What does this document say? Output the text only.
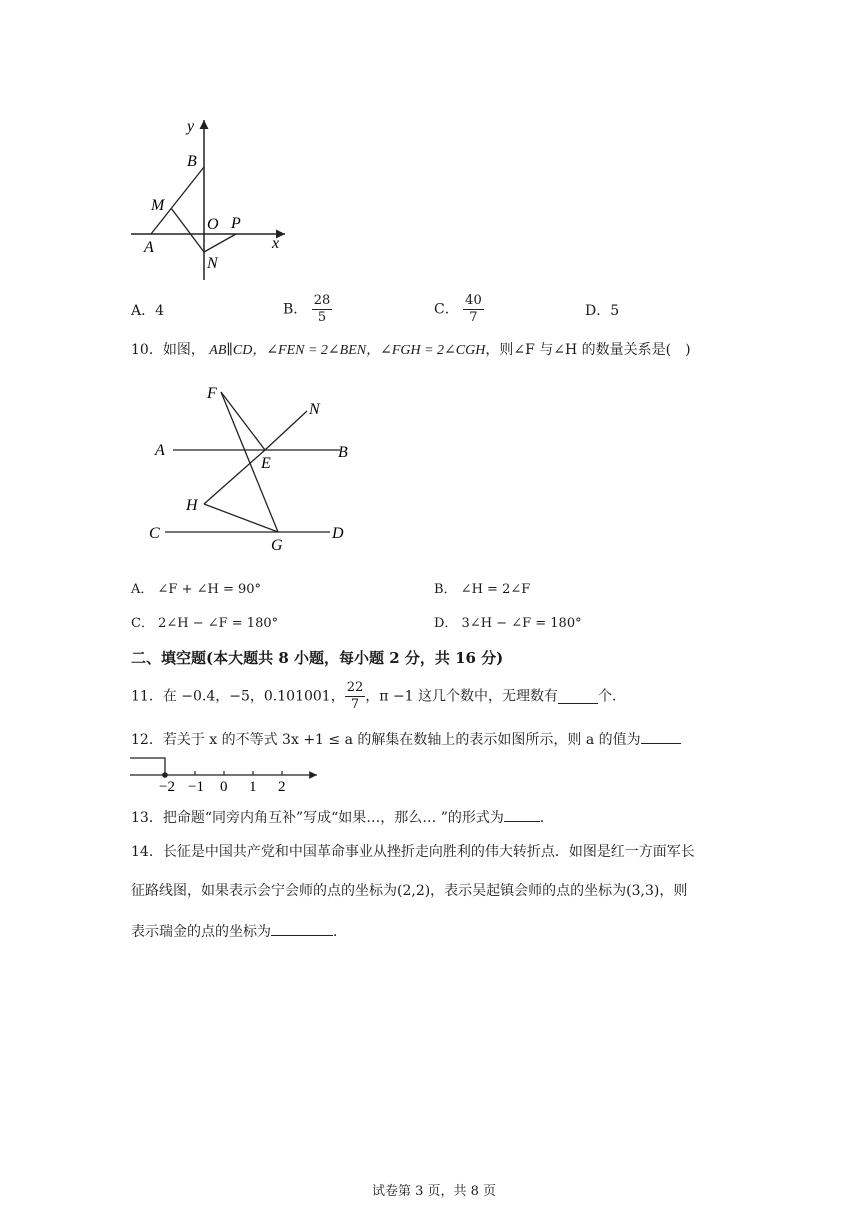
y
B
M
O P
A
N
x
A．4	B． $\frac{28}{5}$	C． $\frac{40}{7}$	D．5
10．如图， AB∥CD，∠FEN = 2∠BEN，∠FGH = 2∠CGH，则∠F 与∠H 的数量关系是(　)
F
N
A
E
B
H
C
G
D
A． ∠F + ∠H = 90°	B． ∠H = 2∠F
C． 2∠H − ∠F = 180°	D． 3∠H − ∠F = 180°
二、填空题(本大题共 8 小题，每小题 2 分，共 16 分)
11．在 −0.4，−5，0.101001， $\frac{22}{7}$ ，π −1 这几个数中，无理数有	个．
12．若关于 x 的不等式 3x +1 ≤ a 的解集在数轴上的表示如图所示，则 a 的值为
−2 −1 0 1 2
13．把命题“同旁内角互补”写成“如果…，那么… ”的形式为	．
14．长征是中国共产党和中国革命事业从挫折走向胜利的伟大转折点．如图是红一方面军长
征路线图，如果表示会宁会师的点的坐标为(2,2)，表示吴起镇会师的点的坐标为(3,3)，则
表示瑞金的点的坐标为	．
试卷第 3 页，共 8 页
